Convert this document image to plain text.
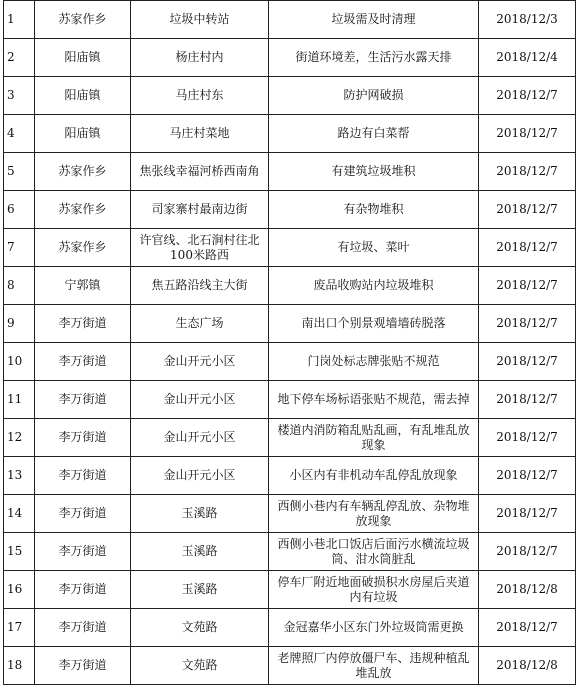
1	苏家作乡	垃圾中转站	垃圾需及时清理	2018/12/3
2	阳庙镇	杨庄村内	街道环境差，生活污水露天排	2018/12/4
3	阳庙镇	马庄村东	防护网破损	2018/12/7
4	阳庙镇	马庄村菜地	路边有白菜帮	2018/12/7
5	苏家作乡	焦张线幸福河桥西南角	有建筑垃圾堆积	2018/12/7
6	苏家作乡	司家寨村最南边街	有杂物堆积	2018/12/7
7	苏家作乡	许官线、北石涧村往北100米路西	有垃圾、菜叶	2018/12/7
8	宁郭镇	焦五路沿线主大街	废品收购站内垃圾堆积	2018/12/7
9	李万街道	生态广场	南出口个别景观墙墙砖脱落	2018/12/7
10	李万街道	金山开元小区	门岗处标志牌张贴不规范	2018/12/7
11	李万街道	金山开元小区	地下停车场标语张贴不规范，需去掉	2018/12/7
12	李万街道	金山开元小区	楼道内消防箱乱贴乱画，有乱堆乱放现象	2018/12/7
13	李万街道	金山开元小区	小区内有非机动车乱停乱放现象	2018/12/7
14	李万街道	玉溪路	西侧小巷内有车辆乱停乱放、杂物堆放现象	2018/12/7
15	李万街道	玉溪路	西侧小巷北口饭店后面污水横流垃圾筒、泔水筒脏乱	2018/12/7
16	李万街道	玉溪路	停车厂附近地面破损积水房屋后夹道内有垃圾	2018/12/8
17	李万街道	文苑路	金冠嘉华小区东门外垃圾筒需更换	2018/12/7
18	李万街道	文苑路	老牌照厂内停放僵尸车、违规种植乱堆乱放	2018/12/8
